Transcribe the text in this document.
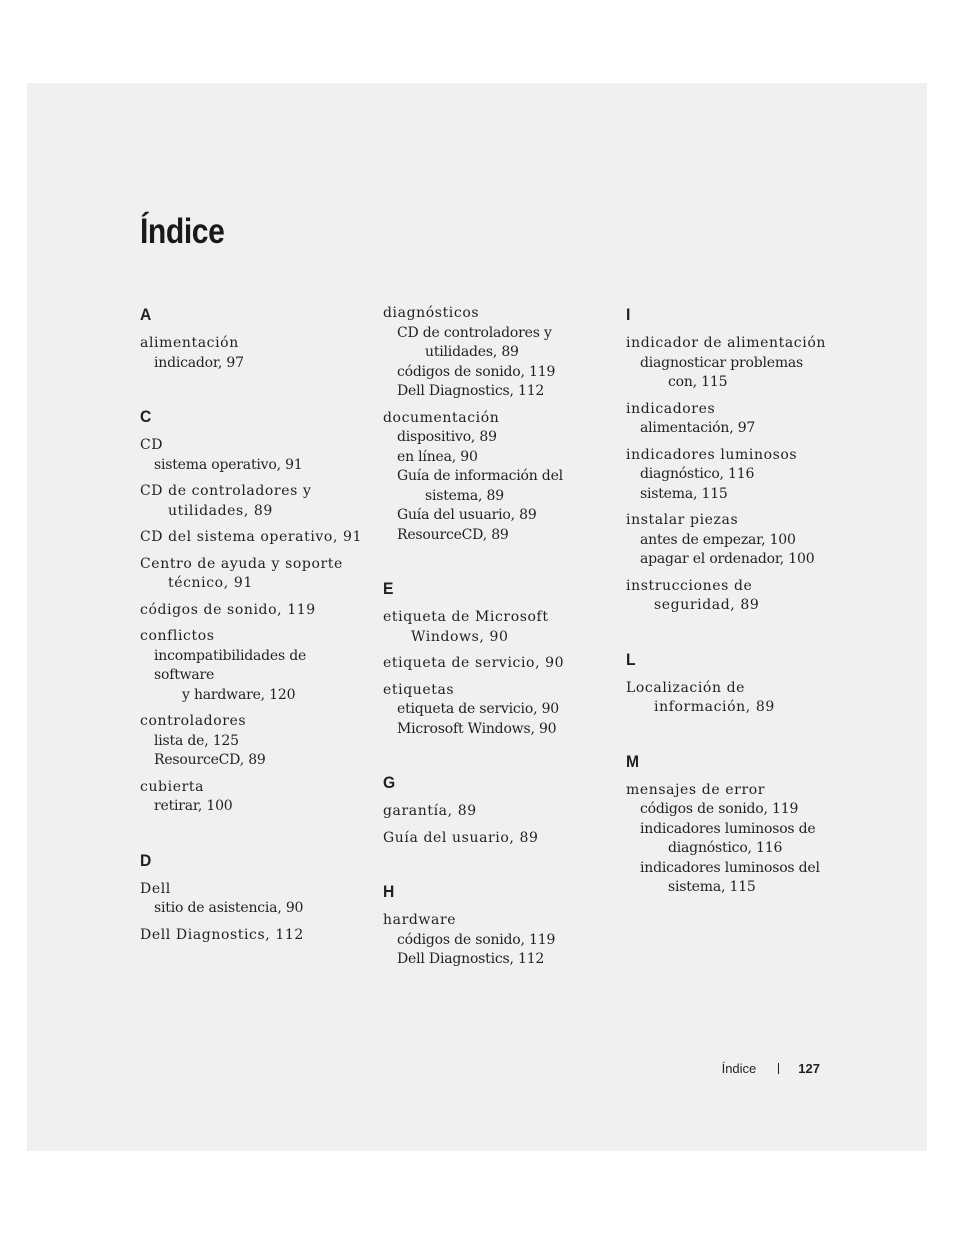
Índice
A
alimentación
indicador, 97
C
CD
sistema operativo, 91
CD de controladores y
utilidades, 89
CD del sistema operativo, 91
Centro de ayuda y soporte
técnico, 91
códigos de sonido, 119
conflictos
incompatibilidades de software
y hardware, 120
controladores
lista de, 125
ResourceCD, 89
cubierta
retirar, 100
D
Dell
sitio de asistencia, 90
Dell Diagnostics, 112
diagnósticos
CD de controladores y
utilidades, 89
códigos de sonido, 119
Dell Diagnostics, 112
documentación
dispositivo, 89
en línea, 90
Guía de información del
sistema, 89
Guía del usuario, 89
ResourceCD, 89
E
etiqueta de Microsoft
Windows, 90
etiqueta de servicio, 90
etiquetas
etiqueta de servicio, 90
Microsoft Windows, 90
G
garantía, 89
Guía del usuario, 89
H
hardware
códigos de sonido, 119
Dell Diagnostics, 112
I
indicador de alimentación
diagnosticar problemas
con, 115
indicadores
alimentación, 97
indicadores luminosos
diagnóstico, 116
sistema, 115
instalar piezas
antes de empezar, 100
apagar el ordenador, 100
instrucciones de
seguridad, 89
L
Localización de
información, 89
M
mensajes de error
códigos de sonido, 119
indicadores luminosos de
diagnóstico, 116
indicadores luminosos del
sistema, 115
Índice	127
